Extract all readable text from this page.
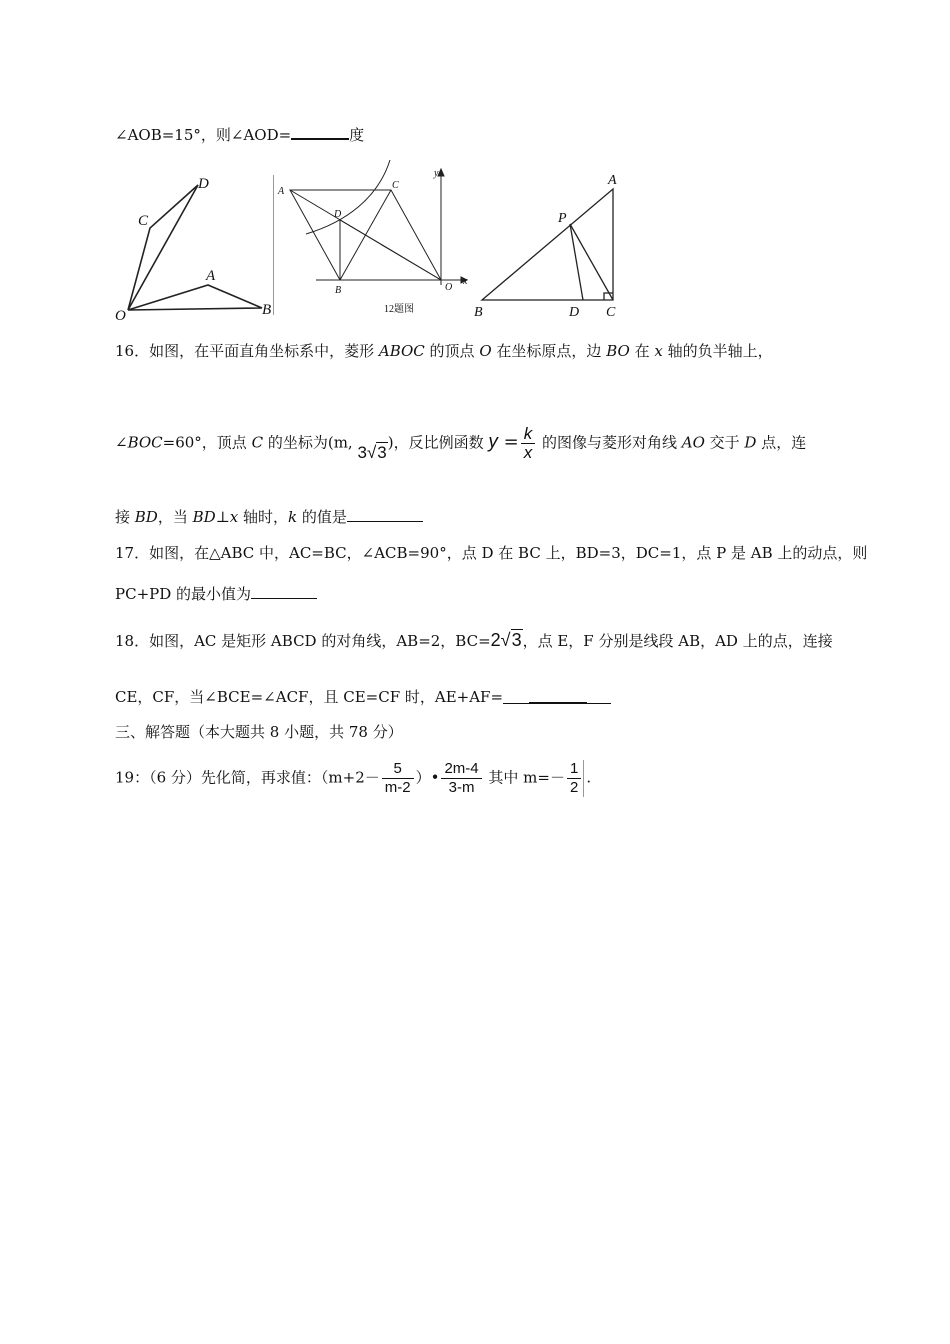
∠AOB=15°，则∠AOD=	度
D
C
A
O	B
A
C
D
B	O
x
y
12题图
A
P
B	D C
16．如图，在平面直角坐标系中，菱形 ABOC 的顶点 O 在坐标原点，边 BO 在 x 轴的负半轴上，
∠BOC=60°，顶点 C 的坐标为(m, 3√3)，反比例函数 $y = \frac{k}{x}$ 的图像与菱形对角线 AO 交于 D 点，连
接 BD，当 BD⊥x 轴时，k 的值是
17．如图，在△ABC 中，AC=BC，∠ACB=90°，点 D 在 BC 上，BD=3，DC=1，点 P 是 AB 上的动点，则
PC+PD 的最小值为
18．如图，AC 是矩形 ABCD 的对角线，AB=2，BC=2√3，点 E，F 分别是线段 AB，AD 上的点，连接
CE，CF，当∠BCE=∠ACF，且 CE=CF 时，AE+AF=
三、解答题（本大题共 8 小题，共 78 分）
19：（6 分）先化简，再求值：（$m+2- \frac{5}{m-2}$ ）• $\frac{2m-4}{3-m}$ 其中 $m=- \frac{1}{2}$ .
